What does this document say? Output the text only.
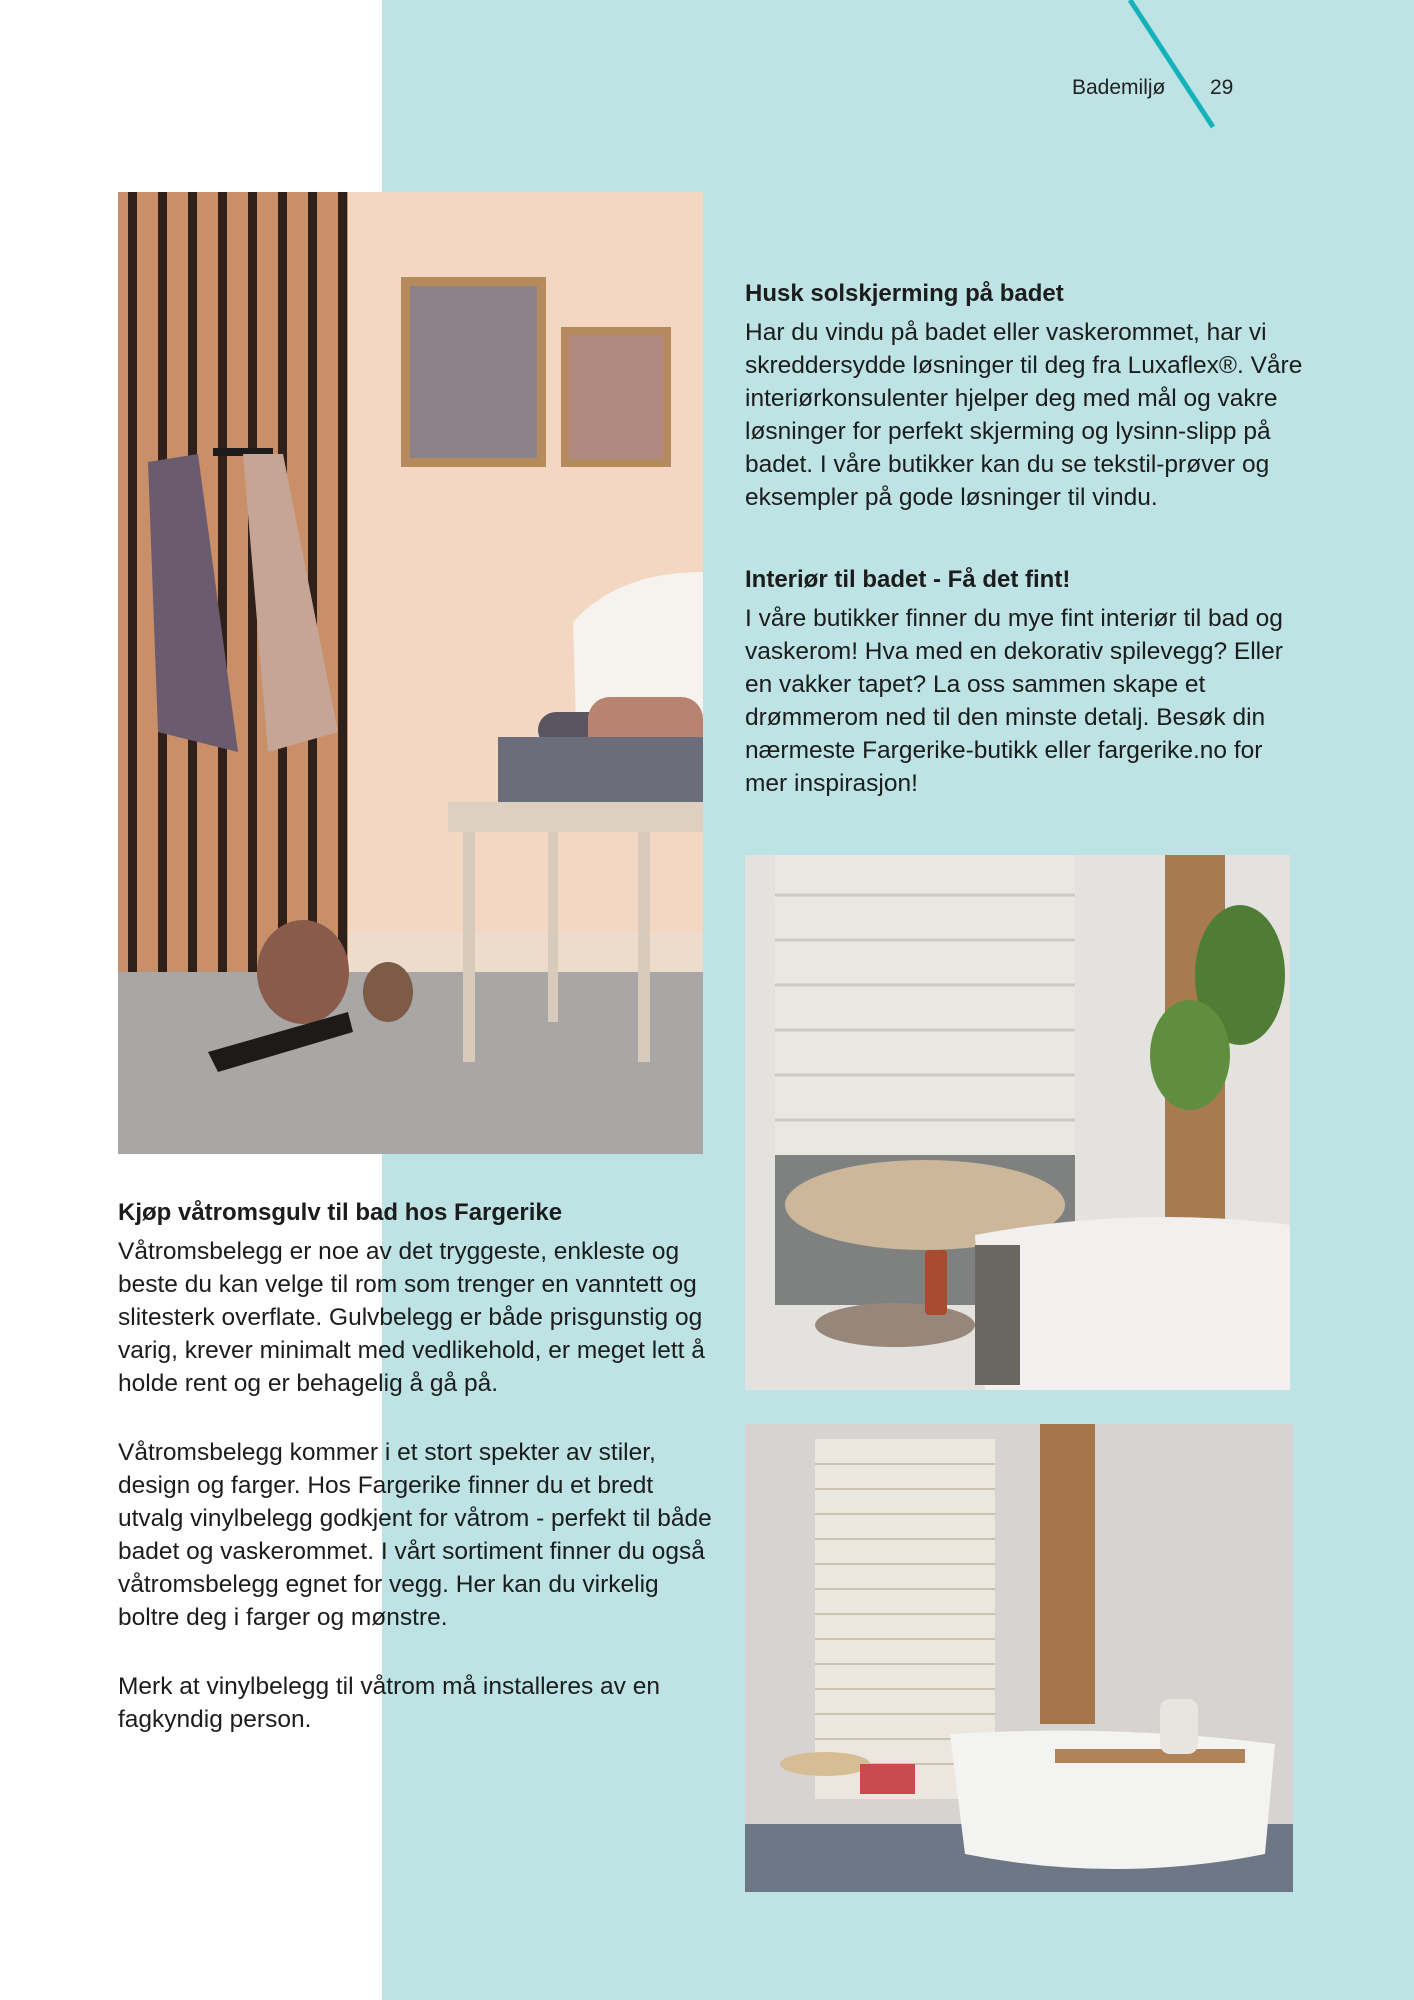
Bademiljø 29
Husk solskjerming på badet

Har du vindu på badet eller vaskerommet, har vi skreddersydde løsninger til deg fra Luxaflex®. Våre interiørkonsulenter hjelper deg med mål og vakre løsninger for perfekt skjerming og lysinn-slipp på badet. I våre butikker kan du se tekstil-prøver og eksempler på gode løsninger til vindu.

Interiør til badet - Få det fint!

I våre butikker finner du mye fint interiør til bad og vaskerom! Hva med en dekorativ spilevegg? Eller en vakker tapet? La oss sammen skape et drømmerom ned til den minste detalj. Besøk din nærmeste Fargerike-butikk eller fargerike.no for mer inspirasjon!

Kjøp våtromsgulv til bad hos Fargerike

Våtromsbelegg er noe av det tryggeste, enkleste og beste du kan velge til rom som trenger en vanntett og slitesterk overflate. Gulvbelegg er både prisgunstig og varig, krever minimalt med vedlikehold, er meget lett å holde rent og er behagelig å gå på.

Våtromsbelegg kommer i et stort spekter av stiler, design og farger. Hos Fargerike finner du et bredt utvalg vinylbelegg godkjent for våtrom - perfekt til både badet og vaskerommet. I vårt sortiment finner du også våtromsbelegg egnet for vegg. Her kan du virkelig boltre deg i farger og mønstre.

Merk at vinylbelegg til våtrom må installeres av en fagkyndig person.
